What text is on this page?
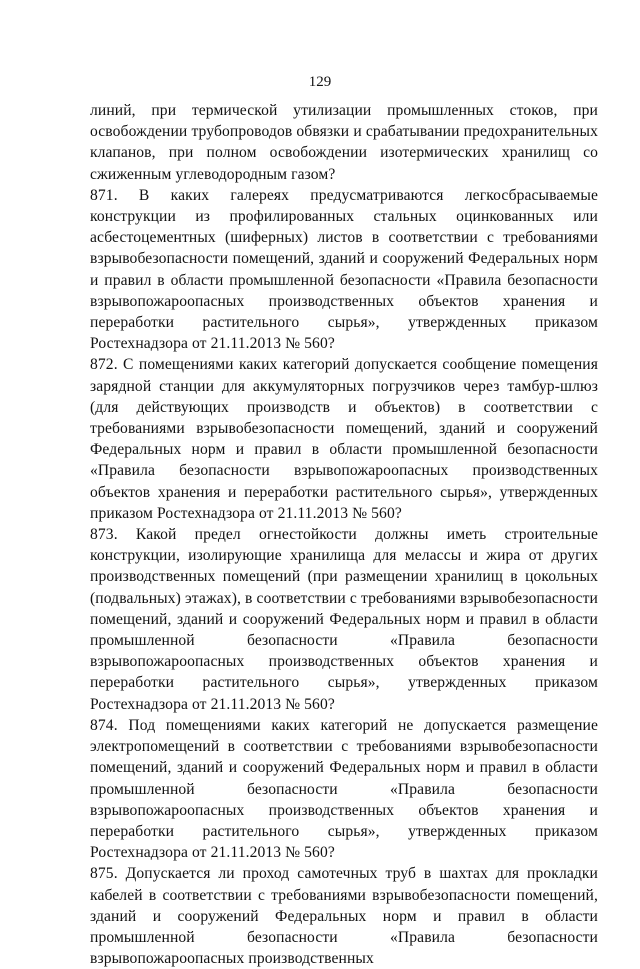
129

линий, при термической утилизации промышленных стоков, при освобождении трубопроводов обвязки и срабатывании предохранительных клапанов, при полном освобождении изотермических хранилищ со сжиженным углеводородным газом?

871. В каких галереях предусматриваются легкосбрасываемые конструкции из профилированных стальных оцинкованных или асбестоцементных (шиферных) листов в соответствии с требованиями взрывобезопасности помещений, зданий и сооружений Федеральных норм и правил в области промышленной безопасности «Правила безопасности взрывопожароопасных производственных объектов хранения и переработки растительного сырья», утвержденных приказом Ростехнадзора от 21.11.2013 № 560?

872. С помещениями каких категорий допускается сообщение помещения зарядной станции для аккумуляторных погрузчиков через тамбур-шлюз (для действующих производств и объектов) в соответствии с требованиями взрывобезопасности помещений, зданий и сооружений Федеральных норм и правил в области промышленной безопасности «Правила безопасности взрывопожароопасных производственных объектов хранения и переработки растительного сырья», утвержденных приказом Ростехнадзора от 21.11.2013 № 560?

873. Какой предел огнестойкости должны иметь строительные конструкции, изолирующие хранилища для мелассы и жира от других производственных помещений (при размещении хранилищ в цокольных (подвальных) этажах), в соответствии с требованиями взрывобезопасности помещений, зданий и сооружений Федеральных норм и правил в области промышленной безопасности «Правила безопасности взрывопожароопасных производственных объектов хранения и переработки растительного сырья», утвержденных приказом Ростехнадзора от 21.11.2013 № 560?

874. Под помещениями каких категорий не допускается размещение электропомещений в соответствии с требованиями взрывобезопасности помещений, зданий и сооружений Федеральных норм и правил в области промышленной безопасности «Правила безопасности взрывопожароопасных производственных объектов хранения и переработки растительного сырья», утвержденных приказом Ростехнадзора от 21.11.2013 № 560?

875. Допускается ли проход самотечных труб в шахтах для прокладки кабелей в соответствии с требованиями взрывобезопасности помещений, зданий и сооружений Федеральных норм и правил в области промышленной безопасности «Правила безопасности взрывопожароопасных производственных
